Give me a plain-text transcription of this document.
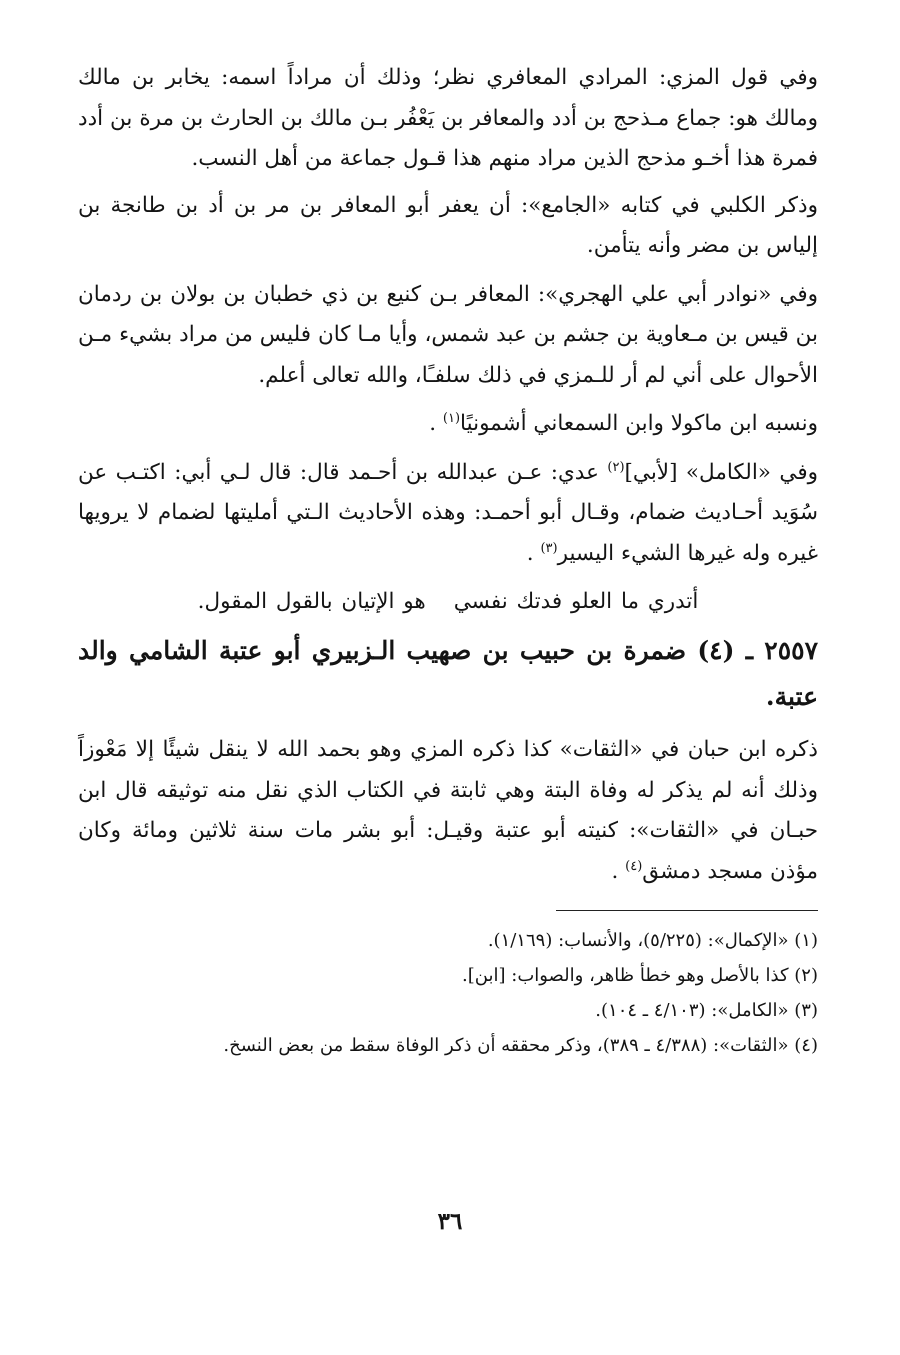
وفي قول المزي: المرادي المعافري نظر؛ وذلك أن مراداً اسمه: يخابر بن مالك ومالك هو: جماع مـذحج بن أدد والمعافر بن يَعْفُر بـن مالك بن الحارث بن مرة بن أدد فمرة هذا أخـو مذحج الذين مراد منهم هذا قـول جماعة من أهل النسب.

وذكر الكلبي في كتابه «الجامع»: أن يعفر أبو المعافر بن مر بن أد بن طانجة بن إلياس بن مضر وأنه يتأمن.

وفي «نوادر أبي علي الهجري»: المعافر بـن كنيع بن ذي خطبان بن بولان بن ردمان بن قيس بن مـعاوية بن جشم بن عبد شمس، وأيا مـا كان فليس من مراد بشيء مـن الأحوال على أني لم أر للـمزي في ذلك سلفـًا، والله تعالى أعلم.

ونسبه ابن ماكولا وابن السمعاني أشمونيًا$^{(١)}$ .

وفي «الكامل» [لأبي]$^{(٢)}$ عدي: عـن عبدالله بن أحـمد قال: قال لـي أبي: اكتـب عن سُوَيد أحـاديث ضمام، وقـال أبو أحمـد: وهذه الأحاديث الـتي أمليتها لضمام لا يرويها غيره وله غيرها الشيء اليسير$^{(٣)}$ .

أتدري ما العلو فدتك نفسيهو الإتيان بالقول المقول.
٢٥٥٧ ـ (٤) ضمرة بن حبيب بن صهيب الـزبيري أبو عتبة الشامي والد عتبة.

ذكره ابن حبان في «الثقات» كذا ذكره المزي وهو بحمد الله لا ينقل شيئًا إلا مَعْوزاً وذلك أنه لم يذكر له وفاة البتة وهي ثابتة في الكتاب الذي نقل منه توثيقه قال ابن حبـان في «الثقات»: كنيته أبو عتبة وقيـل: أبو بشر مات سنة ثلاثين ومائة وكان مؤذن مسجد دمشق$^{(٤)}$ .

(١) «الإكمال»: (٥/٢٢٥)، والأنساب: (١/١٦٩).

(٢) كذا بالأصل وهو خطأ ظاهر، والصواب: [ابن].

(٣) «الكامل»: (٤/١٠٣ ـ ١٠٤).

(٤) «الثقات»: (٤/٣٨٨ ـ ٣٨٩)، وذكر محققه أن ذكر الوفاة سقط من بعض النسخ.

٣٦
